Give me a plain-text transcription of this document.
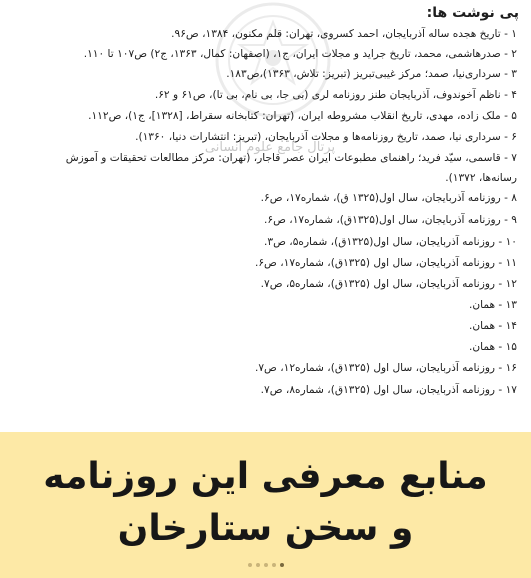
پرتال جامع علوم انسانی
پی نوشت ها:
۱ - تاریخ هجده ساله آذربایجان، احمد کسروی، تهران: قلم مکنون، ۱۳۸۴، ص۹۶.
۲ - صدرهاشمی، محمد، تاریخ جراید و مجلات ایران، ج۱، (اصفهان: کمال، ۱۳۶۳، ج۲) ص۱۰۷ تا ۱۱۰.
۳ - سرداری‌نیا، صمد؛ مرکز غیبی‌تبریز (تبریز: تلاش، ۱۳۶۳)،ص۱۸۳.
۴ - ناظم آخوندوف، آذربایجان طنز روزنامه لری (بی جا، بی نام، بی تا)، ص۶۱ و ۶۲.
۵ - ملک زاده، مهدی، تاریخ انقلاب مشروطه ایران، (تهران: کتابخانه سقراط، [۱۳۲۸]، ج۱)، ص۱۱۲.
۶ - سرداری نیا، صمد، تاریخ روزنامه‌ها و مجلات آذربایجان، (تبریز: انتشارات دنیا، ۱۳۶۰).
۷ - قاسمی، سیّد فرید؛ راهنمای مطبوعات ایران عصر قاجار، (تهران: مرکز مطالعات تحقیقات و آموزش
رسانه‌ها، ۱۳۷۲).
۸ - روزنامه آذربایجان، سال اول(۱۳۲۵ ق)، شماره۱۷، ص۶.
۹ - روزنامه آذربایجان، سال اول(۱۳۲۵ق)، شماره۱۷، ص۶.
۱۰ - روزنامه آذربایجان، سال اول(۱۳۲۵ق)، شماره۵، ص۳.
۱۱ - روزنامه آذربایجان، سال اول (۱۳۲۵ق)، شماره۱۷، ص۶.
۱۲ - روزنامه آذربایجان، سال اول (۱۳۲۵ق)، شماره۵، ص۷.
۱۳ - همان.
۱۴ - همان.
۱۵ - همان.
۱۶ - روزنامه آذربایجان، سال اول (۱۳۲۵ق)، شماره۱۲، ص۷.
۱۷ - روزنامه آذربایجان، سال اول (۱۳۲۵ق)، شماره۸، ص۷.
منابع معرفی این روزنامه
و سخن ستارخان
